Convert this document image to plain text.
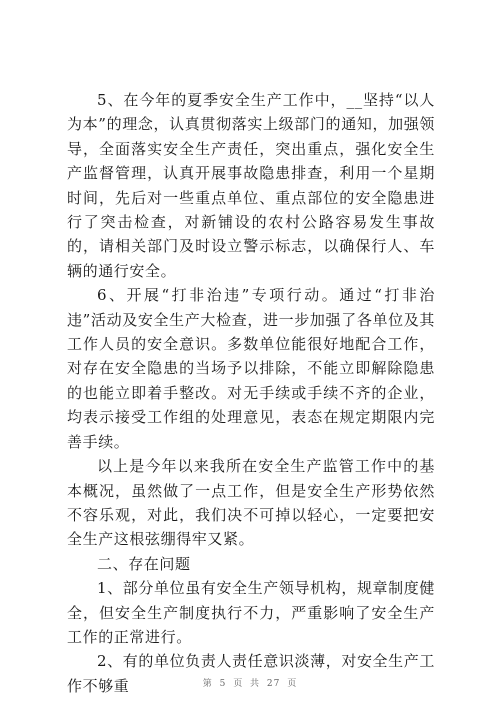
5、在今年的夏季安全生产工作中，__坚持“以人为本”的理念，认真贯彻落实上级部门的通知，加强领导，全面落实安全生产责任，突出重点，强化安全生产监督管理，认真开展事故隐患排查，利用一个星期时间，先后对一些重点单位、重点部位的安全隐患进行了突击检查，对新铺设的农村公路容易发生事故的，请相关部门及时设立警示标志，以确保行人、车辆的通行安全。

6、开展“打非治违”专项行动。通过“打非治违”活动及安全生产大检查，进一步加强了各单位及其工作人员的安全意识。多数单位能很好地配合工作，对存在安全隐患的当场予以排除，不能立即解除隐患的也能立即着手整改。对无手续或手续不齐的企业，均表示接受工作组的处理意见，表态在规定期限内完善手续。

以上是今年以来我所在安全生产监管工作中的基本概况，虽然做了一点工作，但是安全生产形势依然不容乐观，对此，我们决不可掉以轻心，一定要把安全生产这根弦绷得牢又紧。

二、存在问题

1、部分单位虽有安全生产领导机构，规章制度健全，但安全生产制度执行不力，严重影响了安全生产工作的正常进行。

2、有的单位负责人责任意识淡薄，对安全生产工作不够重	第 5 页 共 27 页
